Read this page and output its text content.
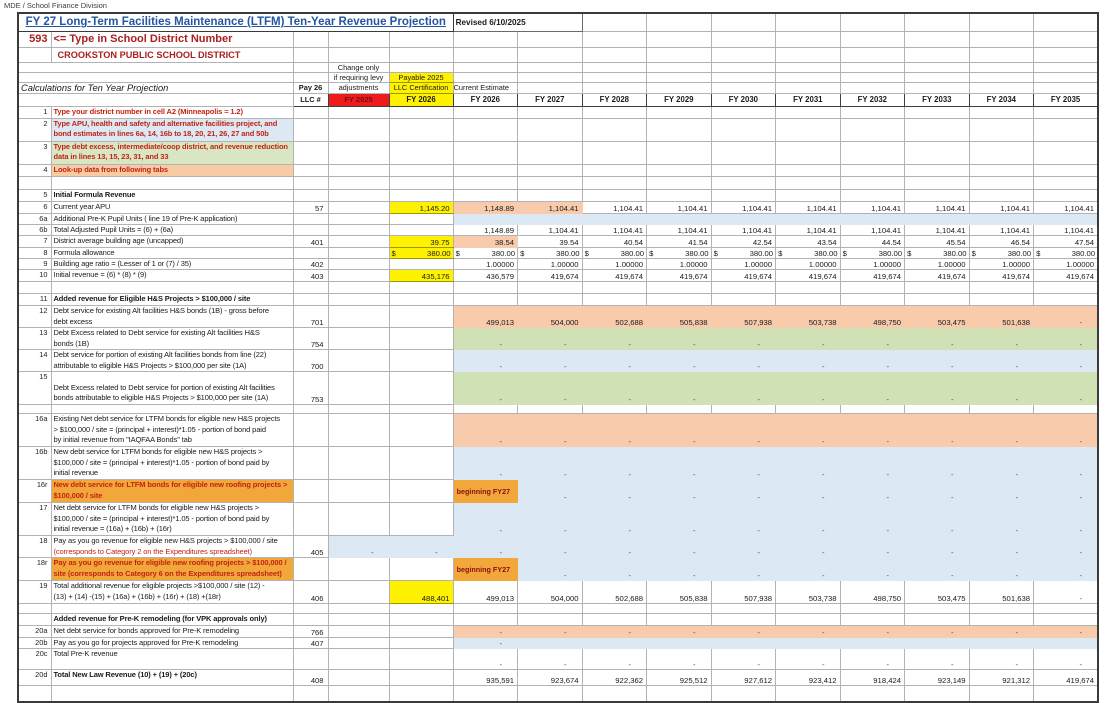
MDE / School Finance Division
FY 27 Long-Term Facilities Maintenance (LTFM) Ten-Year Revenue Projection					Revised 6/10/2025									
593	<= Type in School District Number													
	CROOKSTON PUBLIC SCHOOL DISTRICT													
			Change only											
			if requiring levy	Payable 2025										
Calculations for Ten Year Projection		Pay 26	adjustments	LLC Certification	Current Estimate									
		LLC #	FY 2025	FY 2026	FY 2026	FY 2027	FY 2028	FY 2029	FY 2030	FY 2031	FY 2032	FY 2033	FY 2034	FY 2035
1	Type your district number in cell A2 (Minneapolis = 1.2)													

2	Type APU, health and safety and alternative facilities project, and
bond estimates in lines 6a, 14, 16b to 18, 20, 21, 26, 27 and 50b													

3	Type debt excess, intermediate/coop district, and revenue reduction
data in lines 13, 15, 23, 31, and 33													

4	Look-up data from following tabs													

5	Initial Formula Revenue													

6	Current year APU	57		1,145.20	1,148.89	1,104.41	1,104.41	1,104.41	1,104.41	1,104.41	1,104.41	1,104.41	1,104.41	1,104.41
6a	Additional Pre-K Pupil Units ( line 19 of Pre-K application)													

6b	Total Adjusted Pupil Units = (6) + (6a)				1,148.89	1,104.41	1,104.41	1,104.41	1,104.41	1,104.41	1,104.41	1,104.41	1,104.41	1,104.41
7	District average building age (uncapped)	401		39.75	38.54	39.54	40.54	41.54	42.54	43.54	44.54	45.54	46.54	47.54
8	Formula allowance			$ 380.00	$ 380.00	$ 380.00	$ 380.00	$ 380.00	$ 380.00	$ 380.00	$ 380.00	$ 380.00	$ 380.00	$ 380.00

9	Building age ratio = (Lesser of 1 or (7) / 35)	402			1.00000	1.00000	1.00000	1.00000	1.00000	1.00000	1.00000	1.00000	1.00000	1.00000
10	Initial revenue = (6) * (8) * (9)	403		435,176	436,579	419,674	419,674	419,674	419,674	419,674	419,674	419,674	419,674	419,674

11	Added revenue for Eligible H&S Projects > $100,000 / site													

12	Debt service for existing Alt facilities H&S bonds (1B) - gross before
debt excess	701			499,013	504,000	502,688	505,838	507,938	503,738	498,750	503,475	501,638	-
13	Debt Excess related to Debt service for existing Alt facilities H&S
bonds (1B)	754			-	-	-	-	-	-	-	-	-	-
14	Debt service for portion of existing Alt facilities bonds from line (22)
attributable to eligible H&S Projects > $100,000 per site (1A)	700			-	-	-	-	-	-	-	-	-	-
15	Debt Excess related to Debt service for portion of existing Alt facilities
bonds attributable to eligible H&S Projects > $100,000 per site (1A)	753			-	-	-	-	-	-	-	-	-	-

16a	Existing Net debt service for LTFM bonds for eligible new H&S projects
> $100,000 / site = (principal + interest)*1.05 - portion of bond paid
by initial revenue from "IAQFAA Bonds" tab				-	-	-	-	-	-	-	-	-	-
16b	New debt service for LTFM bonds for eligible new H&S projects >
$100,000 / site = (principal + interest)*1.05 - portion of bond paid by
initial revenue				-	-	-	-	-	-	-	-	-	-
16r	New debt service for LTFM bonds for eligible new roofing projects >
$100,000 / site				beginning FY27	-	-	-	-	-	-	-	-	-
17	Net debt service for LTFM bonds for eligible new H&S projects >
$100,000 / site = (principal + interest)*1.05 - portion of bond paid by
initial revenue = (16a) + (16b) + (16r)				-	-	-	-	-	-	-	-	-	-
18	Pay as you go revenue for eligible new H&S projects > $100,000 / site
(corresponds to Category 2 on the Expenditures spreadsheet)	405	-	-	-	-	-	-	-	-	-	-	-	-
18r	Pay as you go revenue for eligible new roofing projects > $100,000 /
site (corresponds to Category 6 on the Expenditures spreadsheet)				beginning FY27	-	-	-	-	-	-	-	-	-
19	Total additional revenue for eligible projects >$100,000 / site (12) -
(13) + (14) -(15) + (16a) + (16b) + (16r) + (18) +(18r)	406		488,401	499,013	504,000	502,688	505,838	507,938	503,738	498,750	503,475	501,638	-

	Added revenue for Pre-K remodeling (for VPK approvals only)													

20a	Net debt service for bonds approved for Pre-K remodeling	766			-	-	-	-	-	-	-	-	-	-
20b	Pay as you go for projects approved for Pre-K remodeling	407			-									
20c	Total Pre-K revenue				-	-	-	-	-	-	-	-	-	-
20d	Total New Law Revenue (10) + (19) + (20c)	408			935,591	923,674	922,362	925,512	927,612	923,412	918,424	923,149	921,312	419,674
